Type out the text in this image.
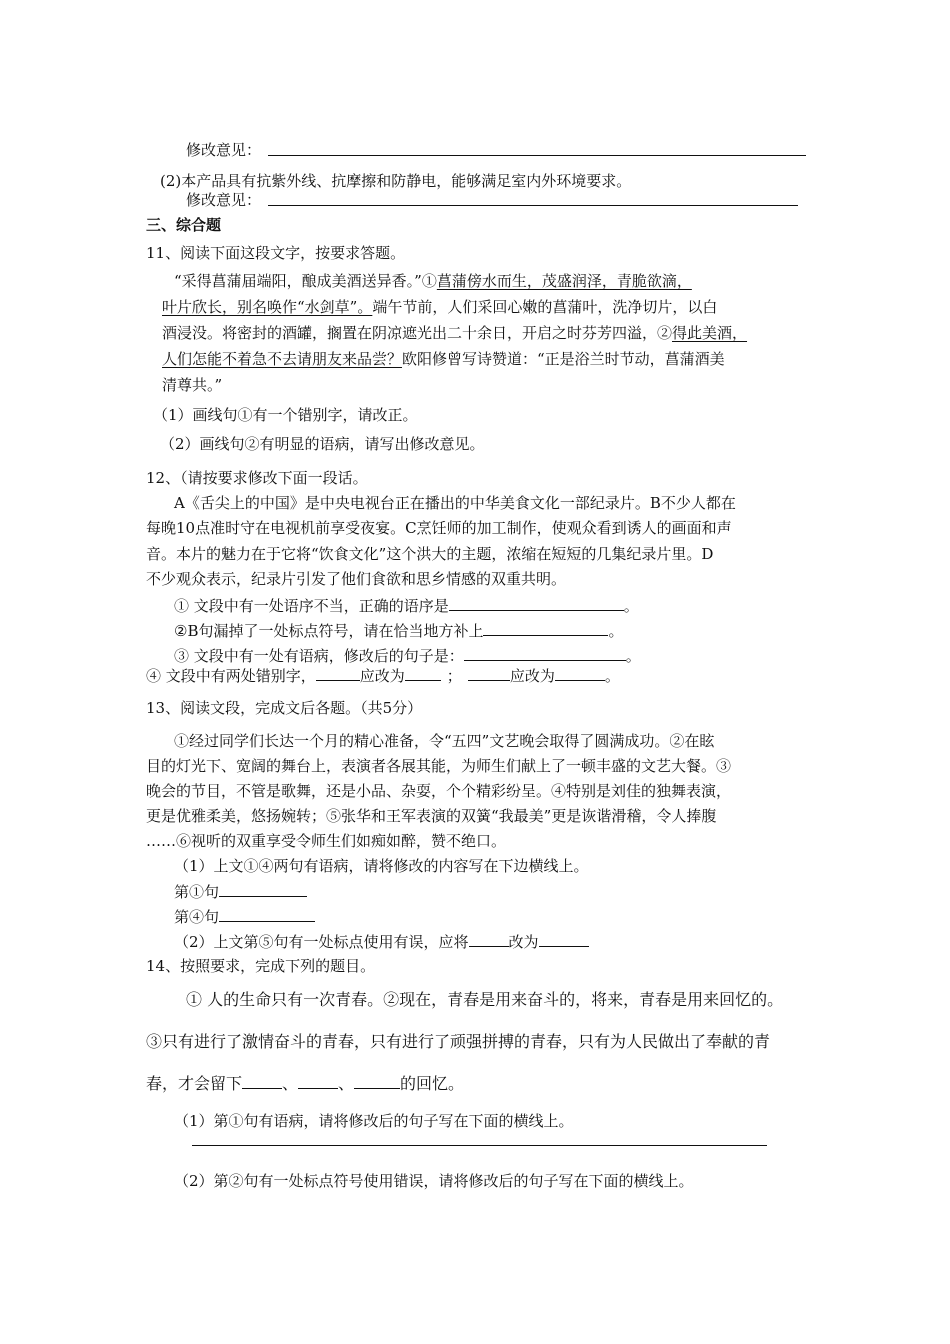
修改意见：
(2)本产品具有抗紫外线、抗摩擦和防静电，能够满足室内外环境要求。
修改意见：
三、综合题
11、阅读下面这段文字，按要求答题。
“采得菖蒲届端阳，酿成美酒送异香。”①菖蒲傍水而生，茂盛润泽，青脆欲滴，
叶片欣长，别名唤作“水剑草”。端午节前，人们采回心嫩的菖蒲叶，洗净切片，以白
酒浸没。将密封的酒罐，搁置在阴凉遮光出二十余日，开启之时芬芳四溢，②得此美酒，
人们怎能不着急不去请朋友来品尝？欧阳修曾写诗赞道：“正是浴兰时节动，菖蒲酒美
清尊共。”
（1）画线句①有一个错别字，请改正。
（2）画线句②有明显的语病，请写出修改意见。
12、（请按要求修改下面一段话。
A《舌尖上的中国》是中央电视台正在播出的中华美食文化一部纪录片。B不少人都在
每晚10点准时守在电视机前享受夜宴。C烹饪师的加工制作，使观众看到诱人的画面和声
音。本片的魅力在于它将“饮食文化”这个洪大的主题，浓缩在短短的几集纪录片里。D
不少观众表示，纪录片引发了他们食欲和思乡情感的双重共明。
① 文段中有一处语序不当，正确的语序是	。
②B句漏掉了一处标点符号，请在恰当地方补上	。
③ 文段中有一处有语病，修改后的句子是：	。
④ 文段中有两处错别字，	应改为	；	应改为	。
13、阅读文段，完成文后各题。（共5分）
①经过同学们长达一个月的精心准备，令“五四”文艺晚会取得了圆满成功。②在眩
目的灯光下、宽阔的舞台上，表演者各展其能，为师生们献上了一顿丰盛的文艺大餐。③
晚会的节目，不管是歌舞，还是小品、杂耍，个个精彩纷呈。④特别是刘佳的独舞表演，
更是优雅柔美，悠扬婉转；⑤张华和王军表演的双簧“我最美”更是诙谐滑稽，令人捧腹
……⑥视听的双重享受令师生们如痴如醉，赞不绝口。
（1）上文①④两句有语病，请将修改的内容写在下边横线上。
第①句
第④句
（2）上文第⑤句有一处标点使用有误，应将	改为
14、按照要求，完成下列的题目。
① 人的生命只有一次青春。②现在，青春是用来奋斗的，将来，青春是用来回忆的。
③只有进行了激情奋斗的青春，只有进行了顽强拼搏的青春，只有为人民做出了奉献的青
春，才会留下	、	、	的回忆。
（1）第①句有语病，请将修改后的句子写在下面的横线上。
（2）第②句有一处标点符号使用错误，请将修改后的句子写在下面的横线上。
